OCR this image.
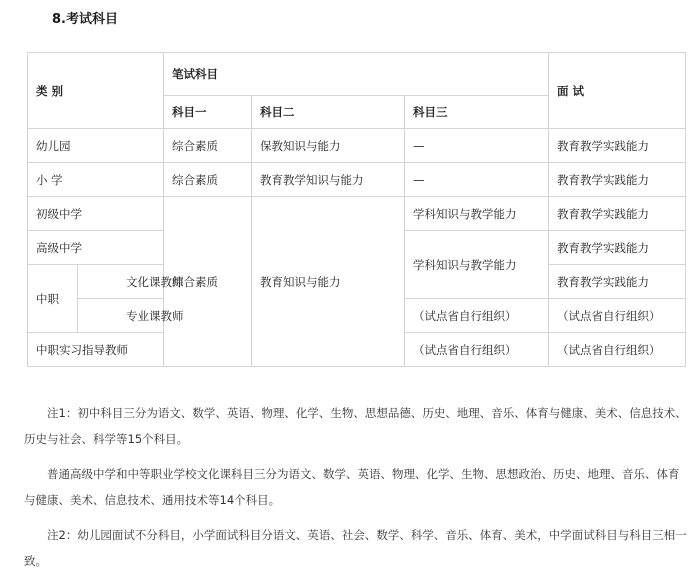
8.考试科目
类 别		笔试科目			面 试
		科目一	科目二	科目三	
幼儿园		综合素质	保教知识与能力	—	教育教学实践能力
小 学		综合素质	教育教学知识与能力	—	教育教学实践能力
初级中学		综合素质	教育知识与能力	学科知识与教学能力	教育教学实践能力
高级中学				学科知识与教学能力	教育教学实践能力
中职	文化课教师				教育教学实践能力
	专业课教师			（试点省自行组织）	（试点省自行组织）
中职实习指导教师				（试点省自行组织）	（试点省自行组织）

注1：初中科目三分为语文、数学、英语、物理、化学、生物、思想品德、历史、地理、音乐、体育与健康、美术、信息技术、历史与社会、科学等15个科目。

普通高级中学和中等职业学校文化课科目三分为语文、数学、英语、物理、化学、生物、思想政治、历史、地理、音乐、体育与健康、美术、信息技术、通用技术等14个科目。

注2：幼儿园面试不分科目，小学面试科目分语文、英语、社会、数学、科学、音乐、体育、美术，中学面试科目与科目三相一致。
